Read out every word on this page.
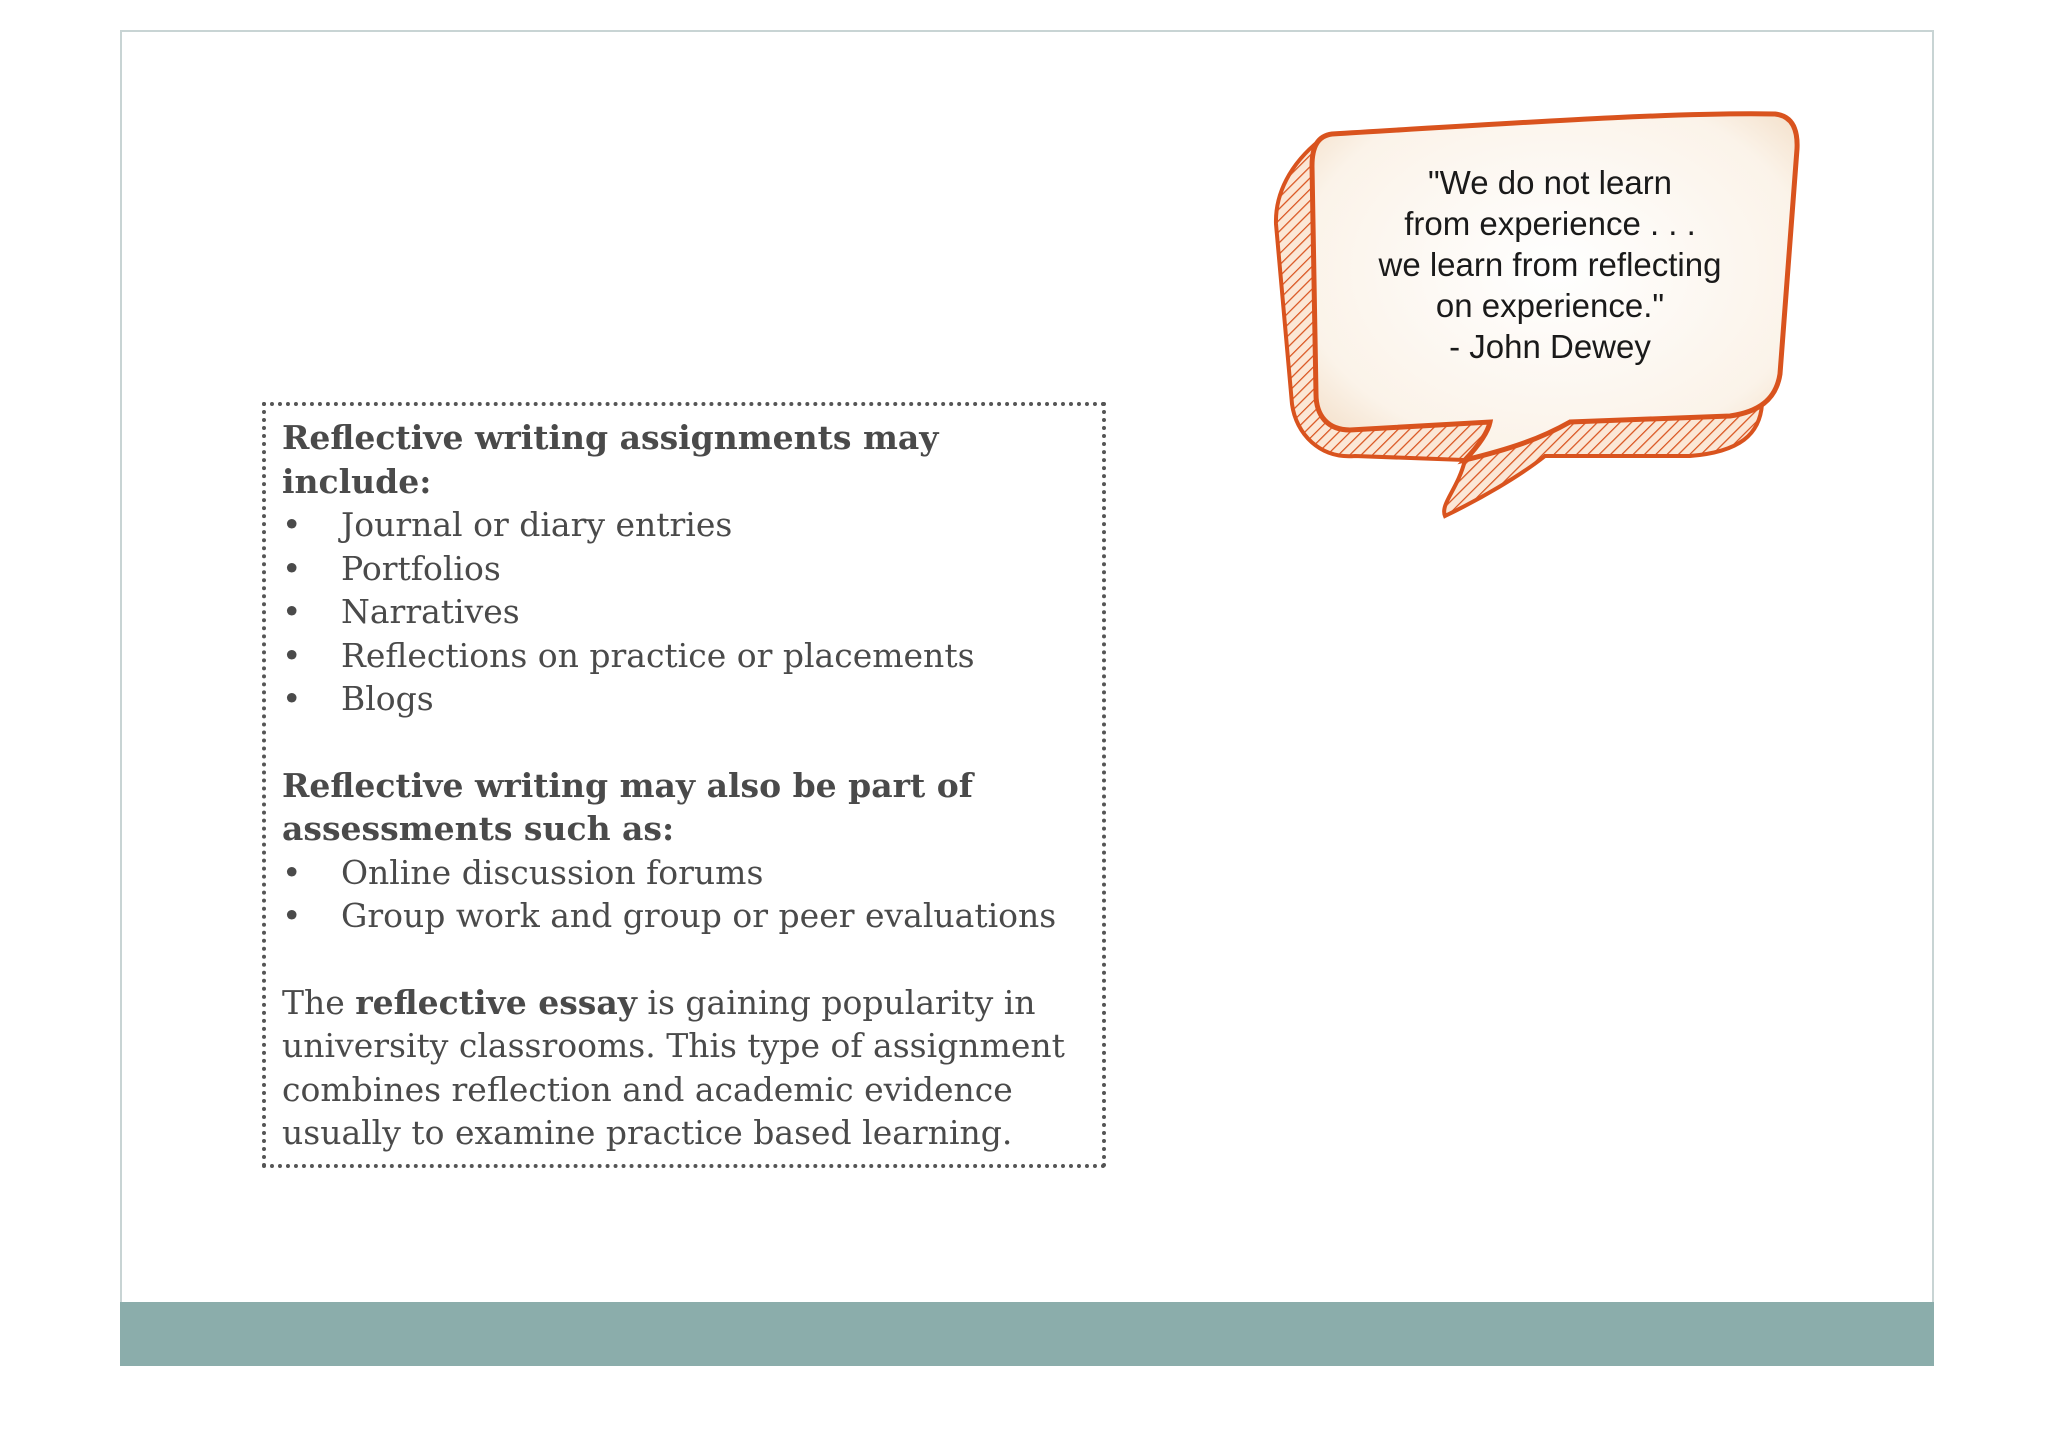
Reflective writing assignments may
include:

•	Journal or diary entries
•	Portfolios
•	Narratives
•	Reflections on practice or placements
•	Blogs

Reflective writing may also be part of
assessments such as:

•	Online discussion forums
•	Group work and group or peer evaluations

The reflective essay is gaining popularity in
university classrooms. This type of assignment
combines reflection and academic evidence
usually to examine practice based learning.

"We do not learn
from experience . . .
we learn from reflecting
on experience."
- John Dewey
